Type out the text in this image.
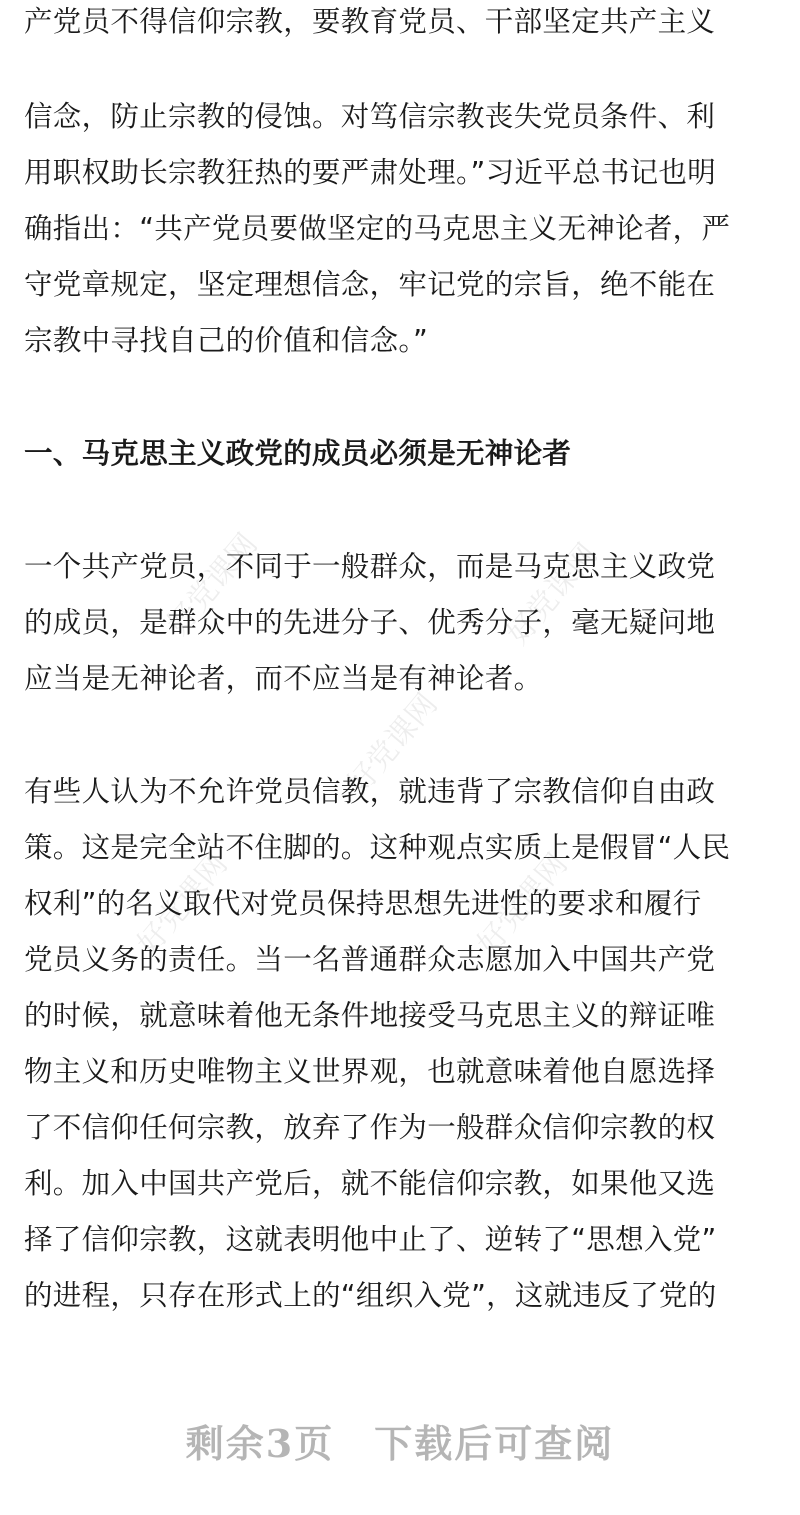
产党员不得信仰宗教，要教育党员、干部坚定共产主义
信念，防止宗教的侵蚀。对笃信宗教丧失党员条件、利
用职权助长宗教狂热的要严肃处理。”习近平总书记也明
确指出：“共产党员要做坚定的马克思主义无神论者，严
守党章规定，坚定理想信念，牢记党的宗旨，绝不能在
宗教中寻找自己的价值和信念。”
一、马克思主义政党的成员必须是无神论者
一个共产党员，不同于一般群众，而是马克思主义政党
的成员，是群众中的先进分子、优秀分子，毫无疑问地
应当是无神论者，而不应当是有神论者。
有些人认为不允许党员信教，就违背了宗教信仰自由政
策。这是完全站不住脚的。这种观点实质上是假冒“人民
权利”的名义取代对党员保持思想先进性的要求和履行
党员义务的责任。当一名普通群众志愿加入中国共产党
的时候，就意味着他无条件地接受马克思主义的辩证唯
物主义和历史唯物主义世界观，也就意味着他自愿选择
了不信仰任何宗教，放弃了作为一般群众信仰宗教的权
利。加入中国共产党后，就不能信仰宗教，如果他又选
择了信仰宗教，这就表明他中止了、逆转了“思想入党”
的进程，只存在形式上的“组织入党”，这就违反了党的
好党课网	好党课网
好党课网
好党课网	好党课网
剩余3页 下载后可查阅
